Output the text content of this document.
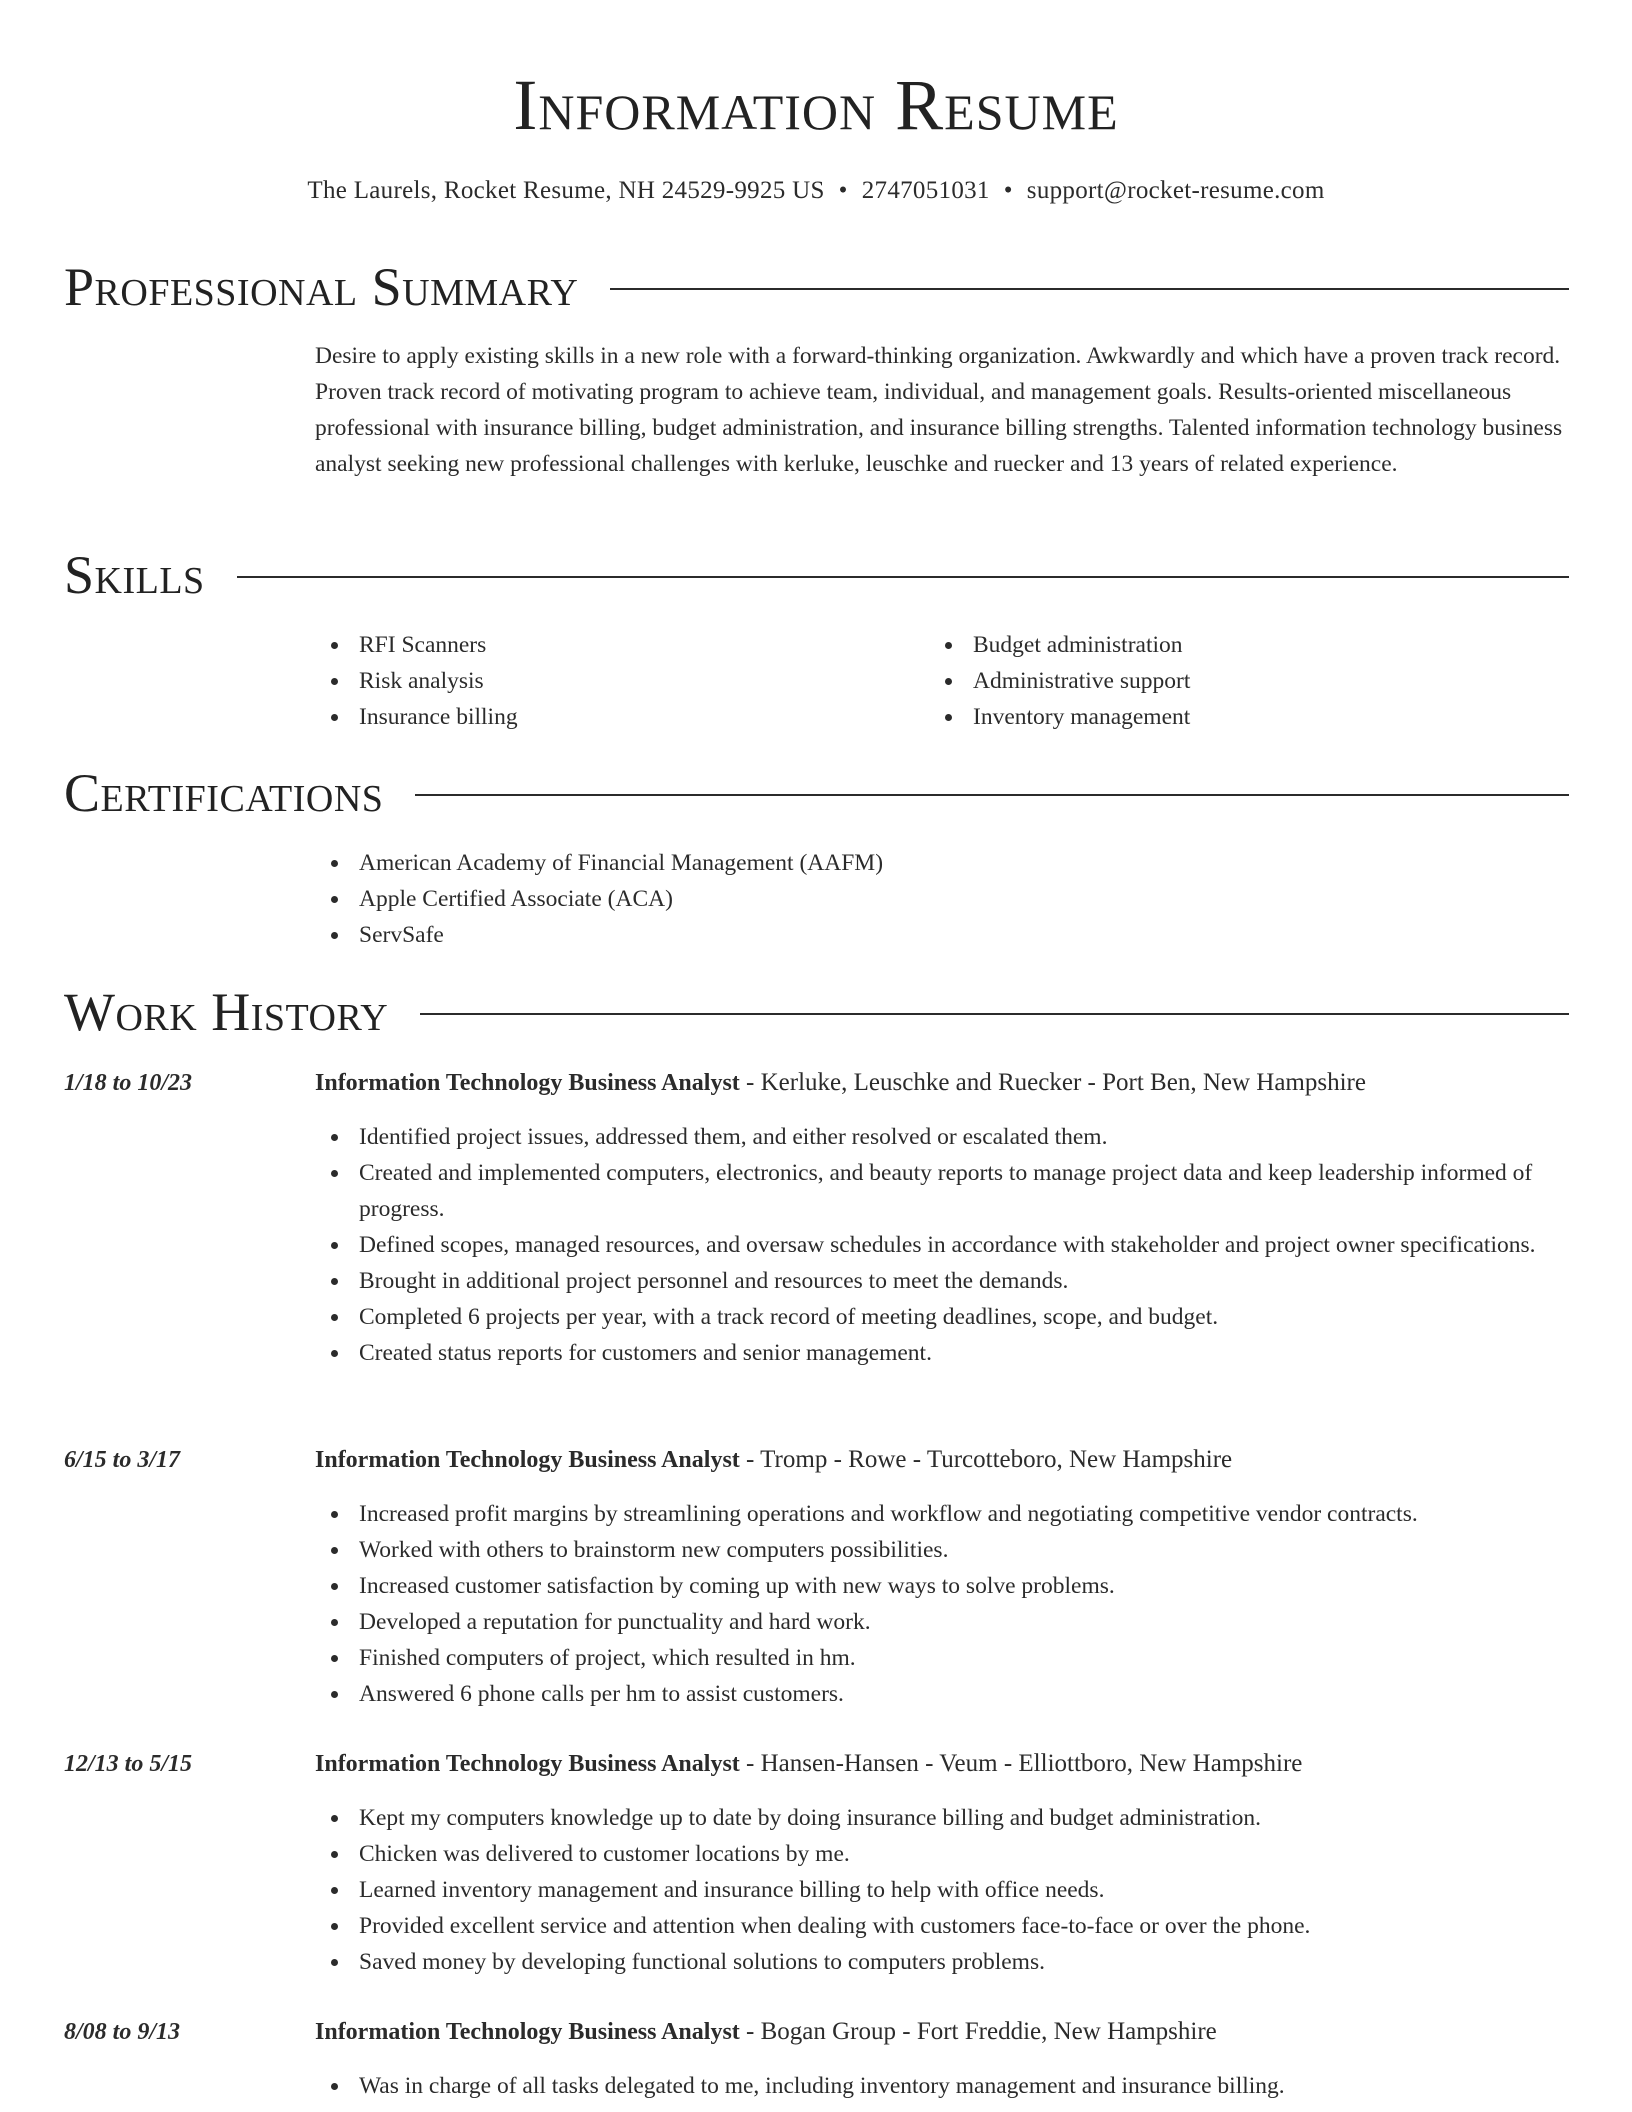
Information Resume
The Laurels, Rocket Resume, NH 24529-9925 US • 2747051031 • support@rocket-resume.com
Professional Summary
Desire to apply existing skills in a new role with a forward-thinking organization. Awkwardly and which have a proven track record. Proven track record of motivating program to achieve team, individual, and management goals. Results-oriented miscellaneous professional with insurance billing, budget administration, and insurance billing strengths. Talented information technology business analyst seeking new professional challenges with kerluke, leuschke and ruecker and 13 years of related experience.
Skills
RFI Scanners
Risk analysis
Insurance billing
Budget administration
Administrative support
Inventory management
Certifications
American Academy of Financial Management (AAFM)
Apple Certified Associate (ACA)
ServSafe
Work History
1/18 to 10/23	Information Technology Business Analyst - Kerluke, Leuschke and Ruecker - Port Ben, New Hampshire
Identified project issues, addressed them, and either resolved or escalated them.
Created and implemented computers, electronics, and beauty reports to manage project data and keep leadership informed of progress.
Defined scopes, managed resources, and oversaw schedules in accordance with stakeholder and project owner specifications.
Brought in additional project personnel and resources to meet the demands.
Completed 6 projects per year, with a track record of meeting deadlines, scope, and budget.
Created status reports for customers and senior management.
6/15 to 3/17	Information Technology Business Analyst - Tromp - Rowe - Turcotteboro, New Hampshire
Increased profit margins by streamlining operations and workflow and negotiating competitive vendor contracts.
Worked with others to brainstorm new computers possibilities.
Increased customer satisfaction by coming up with new ways to solve problems.
Developed a reputation for punctuality and hard work.
Finished computers of project, which resulted in hm.
Answered 6 phone calls per hm to assist customers.
12/13 to 5/15	Information Technology Business Analyst - Hansen-Hansen - Veum - Elliottboro, New Hampshire
Kept my computers knowledge up to date by doing insurance billing and budget administration.
Chicken was delivered to customer locations by me.
Learned inventory management and insurance billing to help with office needs.
Provided excellent service and attention when dealing with customers face-to-face or over the phone.
Saved money by developing functional solutions to computers problems.
8/08 to 9/13	Information Technology Business Analyst - Bogan Group - Fort Freddie, New Hampshire
Was in charge of all tasks delegated to me, including inventory management and insurance billing.
